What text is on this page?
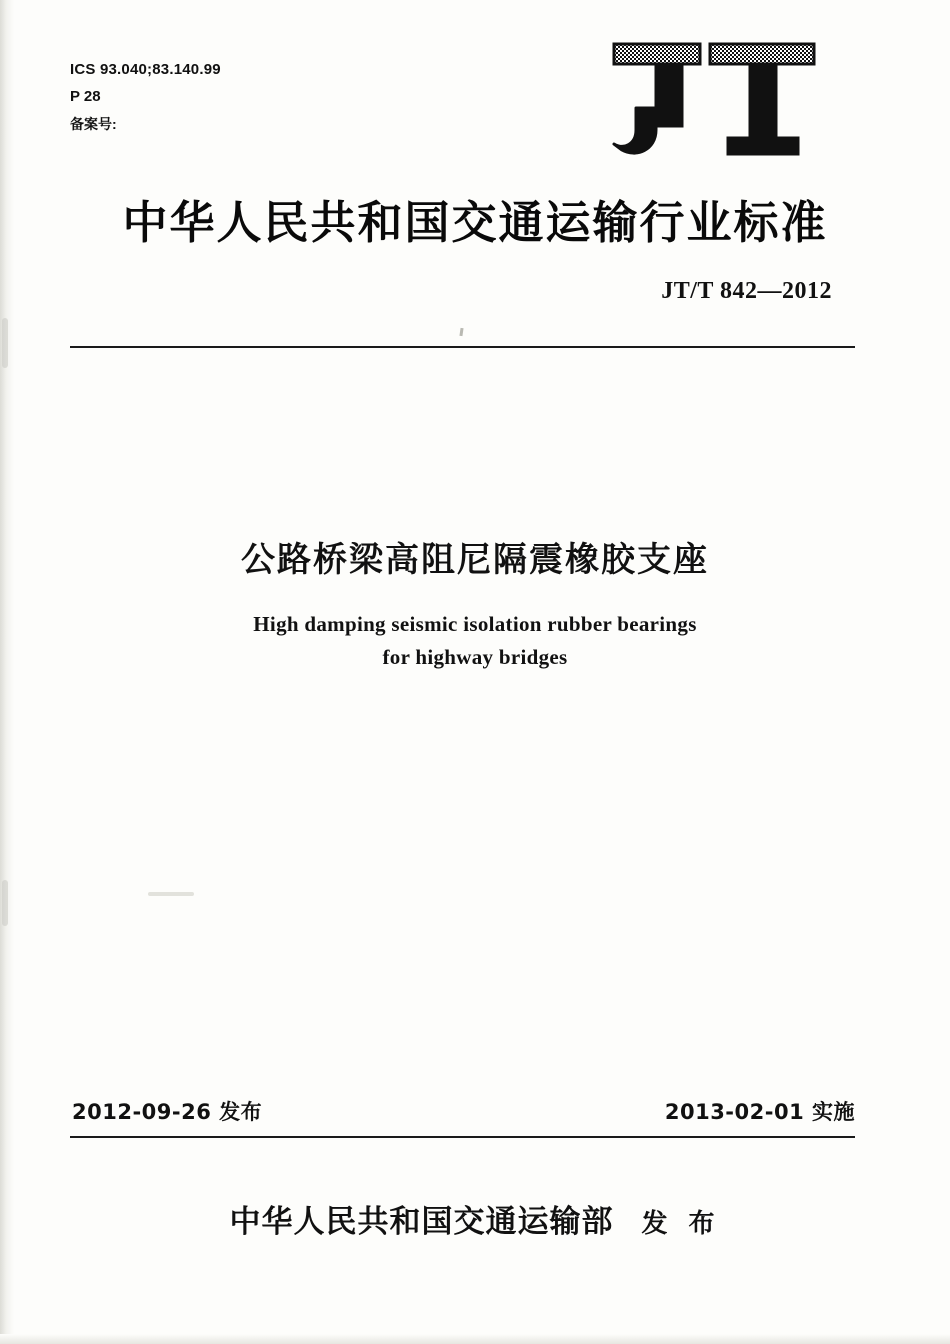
ICS 93.040;83.140.99
P 28
备案号:
中华人民共和国交通运输行业标准
JT/T 842—2012
公路桥梁高阻尼隔震橡胶支座
High damping seismic isolation rubber bearings
for highway bridges
2012-09-26 发布	2013-02-01 实施
中华人民共和国交通运输部 发 布
